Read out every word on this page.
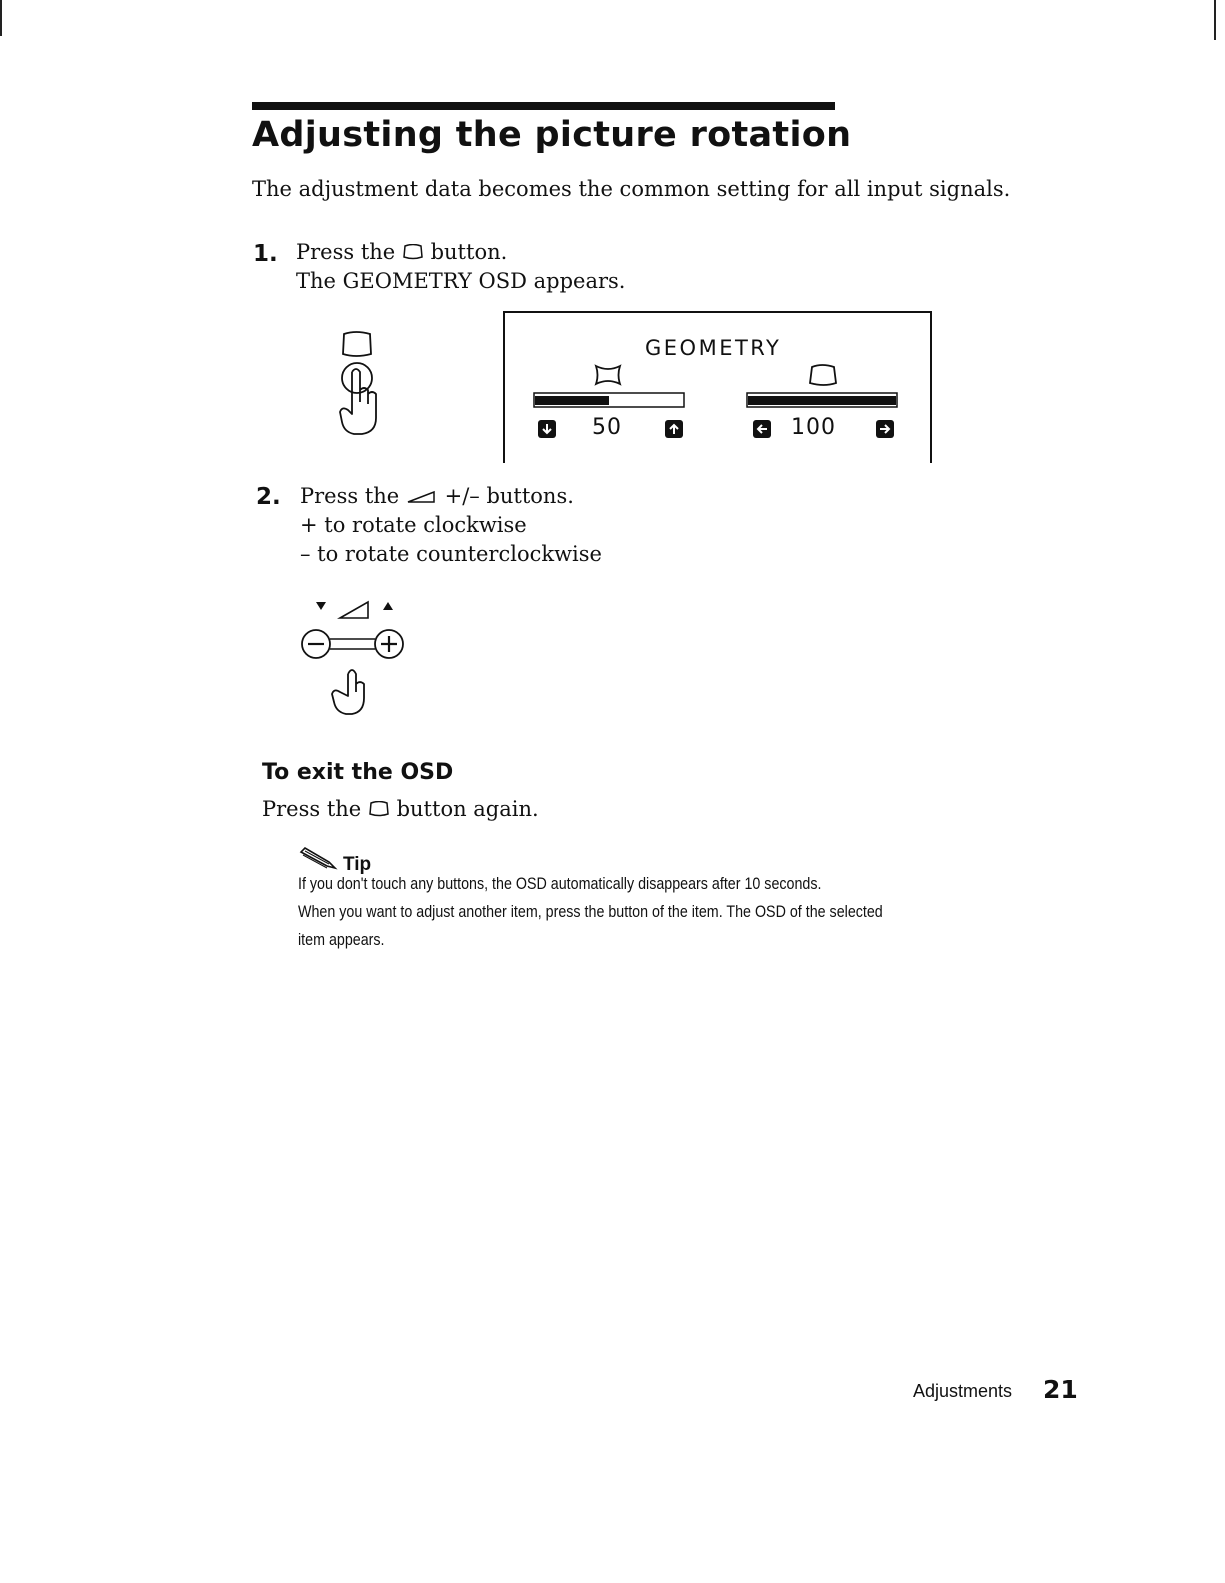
Adjusting the picture rotation
The adjustment data becomes the common setting for all input signals.
1. Press the button.
The GEOMETRY OSD appears.
GEOMETRY
50	100
2. Press the +/– buttons.
+ to rotate clockwise
– to rotate counterclockwise
To exit the OSD
Press the button again.
Tip
If you don't touch any buttons, the OSD automatically disappears after 10 seconds.
When you want to adjust another item, press the button of the item. The OSD of the selected
item appears.
Adjustments 21
